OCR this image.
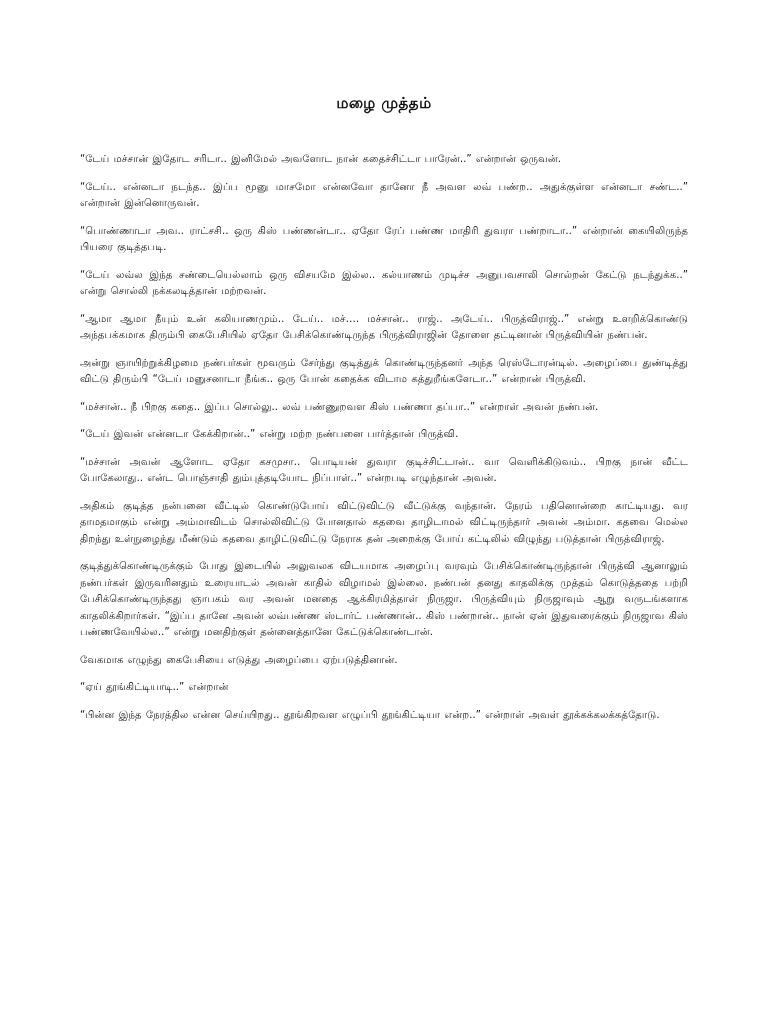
மழை முத்தம்

“டேய் மச்சான் இதோட சரிடா.. இனிமேல் அவளோட நான் கதைச்சிட்டா பாரேன்..” என்றான் ஒருவன்.

“டேய்.. என்னடா நடந்த.. இப்ப மூனு மாசமோ என்னவோ தானோ நீ அவள லவ் பண்ற.. அதுக்குள்ள என்னடா சண்ட..” என்றான் இன்னொருவன்.

“பொண்ணாடா அவ.. ராட்சசி.. ஒரு கிஸ் பண்ணன்டா.. ஏதோ ரேப் பண்ண மாதிரி துவரா பண்றாடா..” என்றான் கையிலிருந்த பியரை குடித்தபடி.

“டேய் லவ்ல இந்த சண்டையெல்லாம் ஒரு விசயமே இல்ல.. கல்யாணம் முடிச்ச அனுபவசாலி சொல்றன் கேட்டு நடந்துக்க..” என்று சொல்லி நக்கலடித்தான் மற்றவன்.

“ஆமா ஆமா நீயும் உன் கலியாணமும்.. டேய்.. மச்…. மச்சான்.. ராஜ்.. அடேய்.. பிருத்விராஜ்..” என்று உளறிக்கொண்டு அந்தபக்கமாக திரும்பி கைபேசியில் ஏதோ பேசிக்கொண்டிருந்த பிருத்விராஜின் தோளை தட்டினான் பிருத்வியின் நண்பன்.

அன்று ஞாயிற்றுக்கிழமை நண்பர்கள் மூவரும் சேர்ந்து குடித்துக் கொண்டிருந்தனர் அந்த ரெஸ்டோரன்டில். அழைப்பை துண்டித்து விட்டு திரும்பி “டேய் மனுசனாடா நீங்க.. ஒரு போன் கதைக்க விடாம கத்துறீங்களேடா..” என்றான் பிருத்வி.

“மச்சான்.. நீ பிறகு கதை.. இப்ப சொல்லு.. லவ் பண்ணுறவள கிஸ் பண்ணா தப்பா..” என்றாள் அவன் நண்பன்.

“டேய் இவன் என்னடா கேக்கிறான்..” என்று மற்ற நண்பனை பார்த்தான் பிருத்வி.

“மச்சான் அவன் ஆளோட ஏதோ கசமுசா.. பொடியன் துவரா குடிச்சிட்டான்.. வா வெளிக்கிடுவம்.. பிறகு நான் வீட்ட போகேலாது.. என்ட பொஞ்சாதி தும்புத்தடியோட நிப்பாள்..” என்றபடி எழுந்தான் அவன்.

அதிகம் குடித்த நன்பனை வீட்டில் கொண்டுபோய் விட்டுவிட்டு வீட்டுக்கு வந்தான். நேரம் பதினொன்றை காட்டியது. வர தாமதமாகும் என்று அம்மாவிடம் சொல்லிவிட்டு போனதால் கதவை தாழிடாமல் விட்டிருந்தார் அவன் அம்மா. கதவை மெல்ல திறந்து உள்நுழைந்து மீண்டும் கதவை தாழிட்டுவிட்டு நேராக தன் அறைக்கு போய் கட்டிலில் விழுந்து படுத்தான் பிருத்விராஜ்.

குடித்துக்கொண்டிருக்கும் போது இடையில் அலுவலக விடயமாக அழைப்பு வரவும் பேசிக்கொண்டிருந்தான் பிருத்வி ஆனாலும் நண்பர்கள் இருவரினதும் உரையாடல் அவன் காதில் விழாமல் இல்லை. நண்பன் தனது காதலிக்கு முத்தம் கொடுத்ததை பற்றி பேசிக்கொண்டிருந்தது ஞாபகம் வர அவன் மனதை ஆக்கிரமித்தாள் நிருஜா. பிருத்வியும் நிருஜாவும் ஆறு வருடங்களாக காதலிக்கிறார்கள். “இப்ப தானே அவன் லவ்பண்ண ஸ்டார்ட் பண்ணான்.. கிஸ் பண்றான்.. நான் ஏன் இதுவரைக்கும் நிருஜாவ கிஸ் பண்ணவேயில்ல..” என்று மனதிற்குள் தன்னைத்தானே கேட்டுக்கொண்டான்.

வேகமாக எழுந்து கைபேசியை எடுத்து அழைப்பை ஏற்படுத்தினான்.

“ஏய் தூங்கிட்டியாடி..” என்றான்

“பின்ன இந்த நேரத்தில என்ன செய்யிறது.. தூங்கிறவள எழுப்பி தூங்கிட்டியா என்ற..” என்றாள் அவள் தூக்கக்கலக்கத்தோடு.
